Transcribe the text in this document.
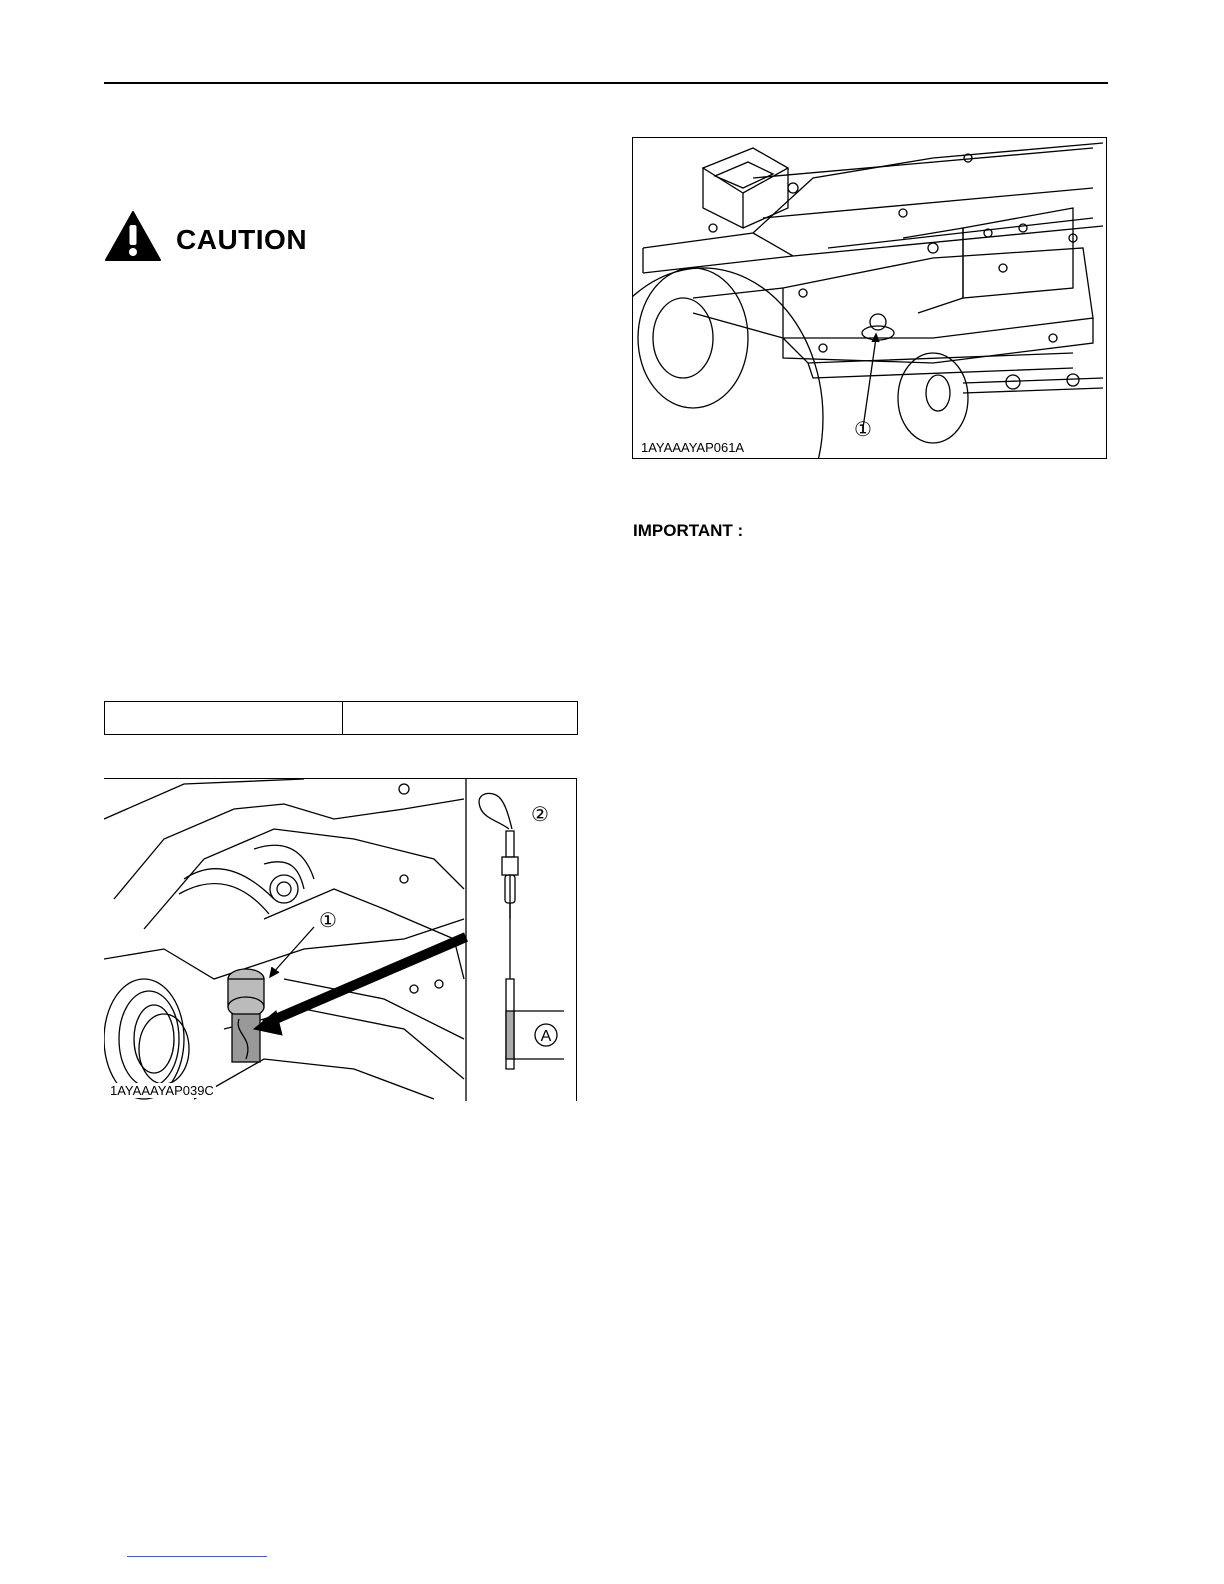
CAUTION

①
1AYAAAYAP061A
IMPORTANT :
①
②
A
1AYAAAYAP039C
